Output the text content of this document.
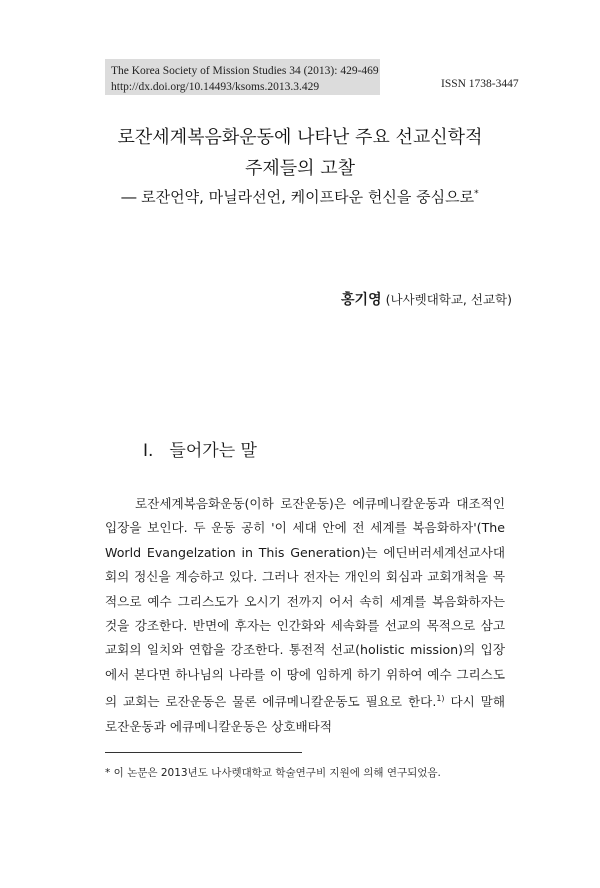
The Korea Society of Mission Studies 34 (2013): 429-469
http://dx.doi.org/10.14493/ksoms.2013.3.429	ISSN 1738-3447
로잔세계복음화운동에 나타난 주요 선교신학적
주제들의 고찰
― 로잔언약, 마닐라선언, 케이프타운 헌신을 중심으로*
홍기영 (나사렛대학교, 선교학)
Ⅰ. 들어가는 말

로잔세계복음화운동(이하 로잔운동)은 에큐메니칼운동과 대조적인 입장을 보인다. 두 운동 공히 '이 세대 안에 전 세계를 복음화하자'(The World Evangelzation in This Generation)는 에딘버러세계선교사대회의 정신을 계승하고 있다. 그러나 전자는 개인의 회심과 교회개척을 목적으로 예수 그리스도가 오시기 전까지 어서 속히 세계를 복음화하자는 것을 강조한다. 반면에 후자는 인간화와 세속화를 선교의 목적으로 삼고 교회의 일치와 연합을 강조한다. 통전적 선교(holistic mission)의 입장에서 본다면 하나님의 나라를 이 땅에 임하게 하기 위하여 예수 그리스도의 교회는 로잔운동은 물론 에큐메니칼운동도 필요로 한다.$^{1)}$ 다시 말해 로잔운동과 에큐메니칼운동은 상호배타적

* 이 논문은 2013년도 나사렛대학교 학술연구비 지원에 의해 연구되었음.
